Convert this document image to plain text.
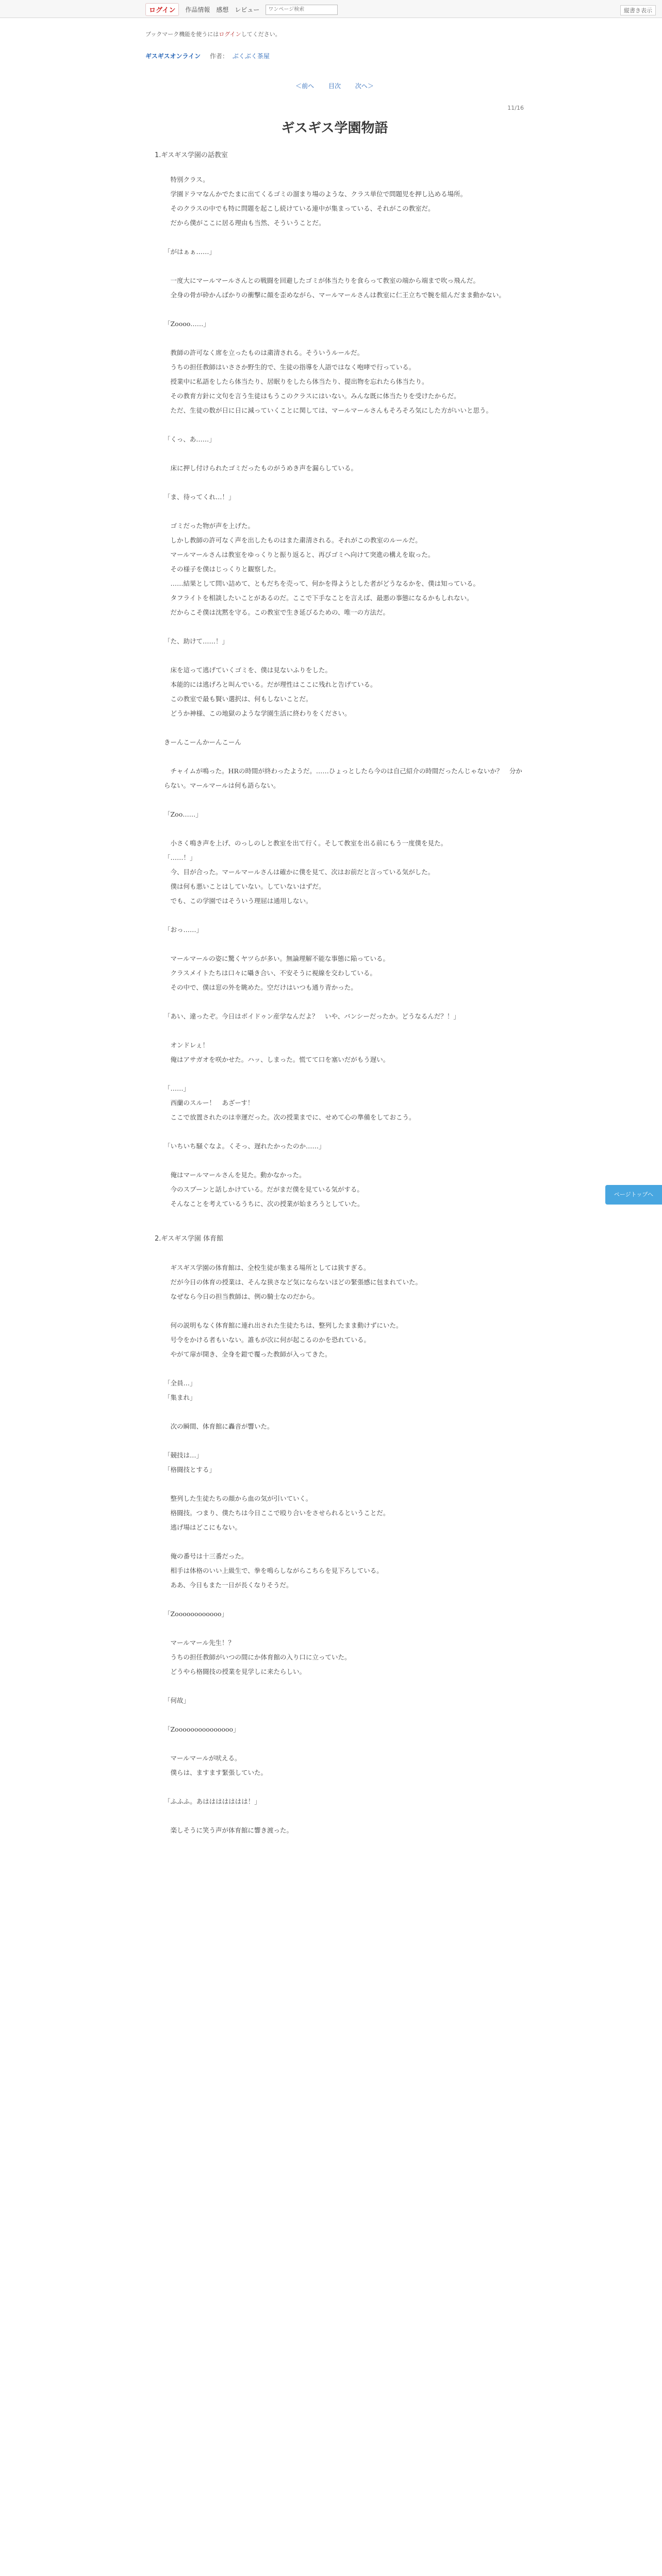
ログイン	作品情報 感想 レビュー
ワンページ検索	縦書き表示
ブックマーク機能を使うにはログインしてください。
ギスギスオンライン 作者： ぶくぶく茶屋
＜前へ 目次 次へ＞
11/16
ギスギス学園物語
1.ギスギス学園の話教室

　特別クラス。

　学園ドラマなんかでたまに出てくるゴミの溜まり場のような、クラス単位で問題児を押し込める場所。

　そのクラスの中でも特に問題を起こし続けている連中が集まっている、それがこの教室だ。

　だから僕がここに居る理由も当然、そういうことだ。

「がはぁぁ……」

　一度大にマールマールさんとの戦闘を回避したゴミが体当たりを食らって教室の端から端まで吹っ飛んだ。

　全身の骨が砕かんばかりの衝撃に顔を歪めながら、マールマールさんは教室に仁王立ちで腕を組んだまま動かない。

「Zoooo……」

　教師の許可なく席を立ったものは粛清される。そういうルールだ。

　うちの担任教師はいささか野生的で、生徒の指導を人語ではなく咆哮で行っている。

　授業中に私語をしたら体当たり、居眠りをしたら体当たり、提出物を忘れたら体当たり。

　その教育方針に文句を言う生徒はもうこのクラスにはいない。みんな既に体当たりを受けたからだ。

　ただ、生徒の数が日に日に減っていくことに関しては、マールマールさんもそろそろ気にした方がいいと思う。

「くっ、あ……」

　床に押し付けられたゴミだったものがうめき声を漏らしている。

「ま、待ってくれ…！」

　ゴミだった物が声を上げた。

　しかし教師の許可なく声を出したものはまた粛清される。それがこの教室のルールだ。

　マールマールさんは教室をゆっくりと振り返ると、再びゴミへ向けて突進の構えを取った。

　その様子を僕はじっくりと観察した。

　……結果として問い詰めて、ともだちを売って、何かを得ようとした者がどうなるかを、僕は知っている。

　タフライトを相談したいことがあるのだ。ここで下手なことを言えば、最悪の事態になるかもしれない。

　だからこそ僕は沈黙を守る。この教室で生き延びるための、唯一の方法だ。

「た、助けて……！」

　床を這って逃げていくゴミを、僕は見ないふりをした。

　本能的には逃げろと叫んでいる。だが理性はここに残れと告げている。

　この教室で最も賢い選択は、何もしないことだ。

　どうか神様、この地獄のような学園生活に終わりをください。

きーんこーんかーんこーん

　チャイムが鳴った。HRの時間が終わったようだ。……ひょっとしたら今のは自己紹介の時間だったんじゃないか？　分からない。マールマールは何も語らない。

「Zoo……」

　小さく鳴き声を上げ、のっしのしと教室を出て行く。そして教室を出る前にもう一度僕を見た。

「……！」

　今、目が合った。マールマールさんは確かに僕を見て、次はお前だと言っている気がした。

　僕は何も悪いことはしていない。していないはずだ。

　でも、この学園ではそういう理屈は通用しない。

「おっ……」

　マールマールの姿に驚くヤツらが多い。無論理解不能な事態に陥っている。

　クラスメイトたちは口々に囁き合い、不安そうに視線を交わしている。

　その中で、僕は窓の外を眺めた。空だけはいつも通り青かった。

「あい、違ったぞ。今日はボイドゥン産学なんだよ？　いや、バンシーだったか。どうなるんだ？！」

　オンドレぇ！

　俺はアサガオを咲かせた。ハッ、しまった。慌てて口を塞いだがもう遅い。

「……」

　西蘭のスルー！　あざーす！

　ここで放置されたのは幸運だった。次の授業までに、せめて心の準備をしておこう。

「いちいち騒ぐなよ。くそっ、遅れたかったのか……」

　俺はマールマールさんを見た。動かなかった。

　今のスプーンと話しかけている。だがまだ僕を見ている気がする。

　そんなことを考えているうちに、次の授業が始まろうとしていた。

2.ギスギス学園 体育館

　ギスギス学園の体育館は、全校生徒が集まる場所としては狭すぎる。

　だが今日の体育の授業は、そんな狭さなど気にならないほどの緊張感に包まれていた。

　なぜなら今日の担当教師は、例の騎士なのだから。

　何の説明もなく体育館に連れ出された生徒たちは、整列したまま動けずにいた。

　号令をかける者もいない。誰もが次に何が起こるのかを恐れている。

　やがて扉が開き、全身を鎧で覆った教師が入ってきた。

「全員…」

「集まれ」

　次の瞬間、体育館に轟音が響いた。

「競技は…」

「格闘技とする」

　整列した生徒たちの顔から血の気が引いていく。

　格闘技。つまり、僕たちは今日ここで殴り合いをさせられるということだ。

　逃げ場はどこにもない。

　俺の番号は十三番だった。

　相手は体格のいい上級生で、拳を鳴らしながらこちらを見下ろしている。

　ああ、今日もまた一日が長くなりそうだ。

「Zoooooooooooo」

　マールマール先生！？

　うちの担任教師がいつの間にか体育館の入り口に立っていた。

　どうやら格闘技の授業を見学しに来たらしい。

「何故」

「Zooooooooooooooo」

　マールマールが吠える。

　僕らは、ますます緊張していた。

「ふふふ。あははははははは！」

　楽しそうに笑う声が体育館に響き渡った。

ページトップへ
